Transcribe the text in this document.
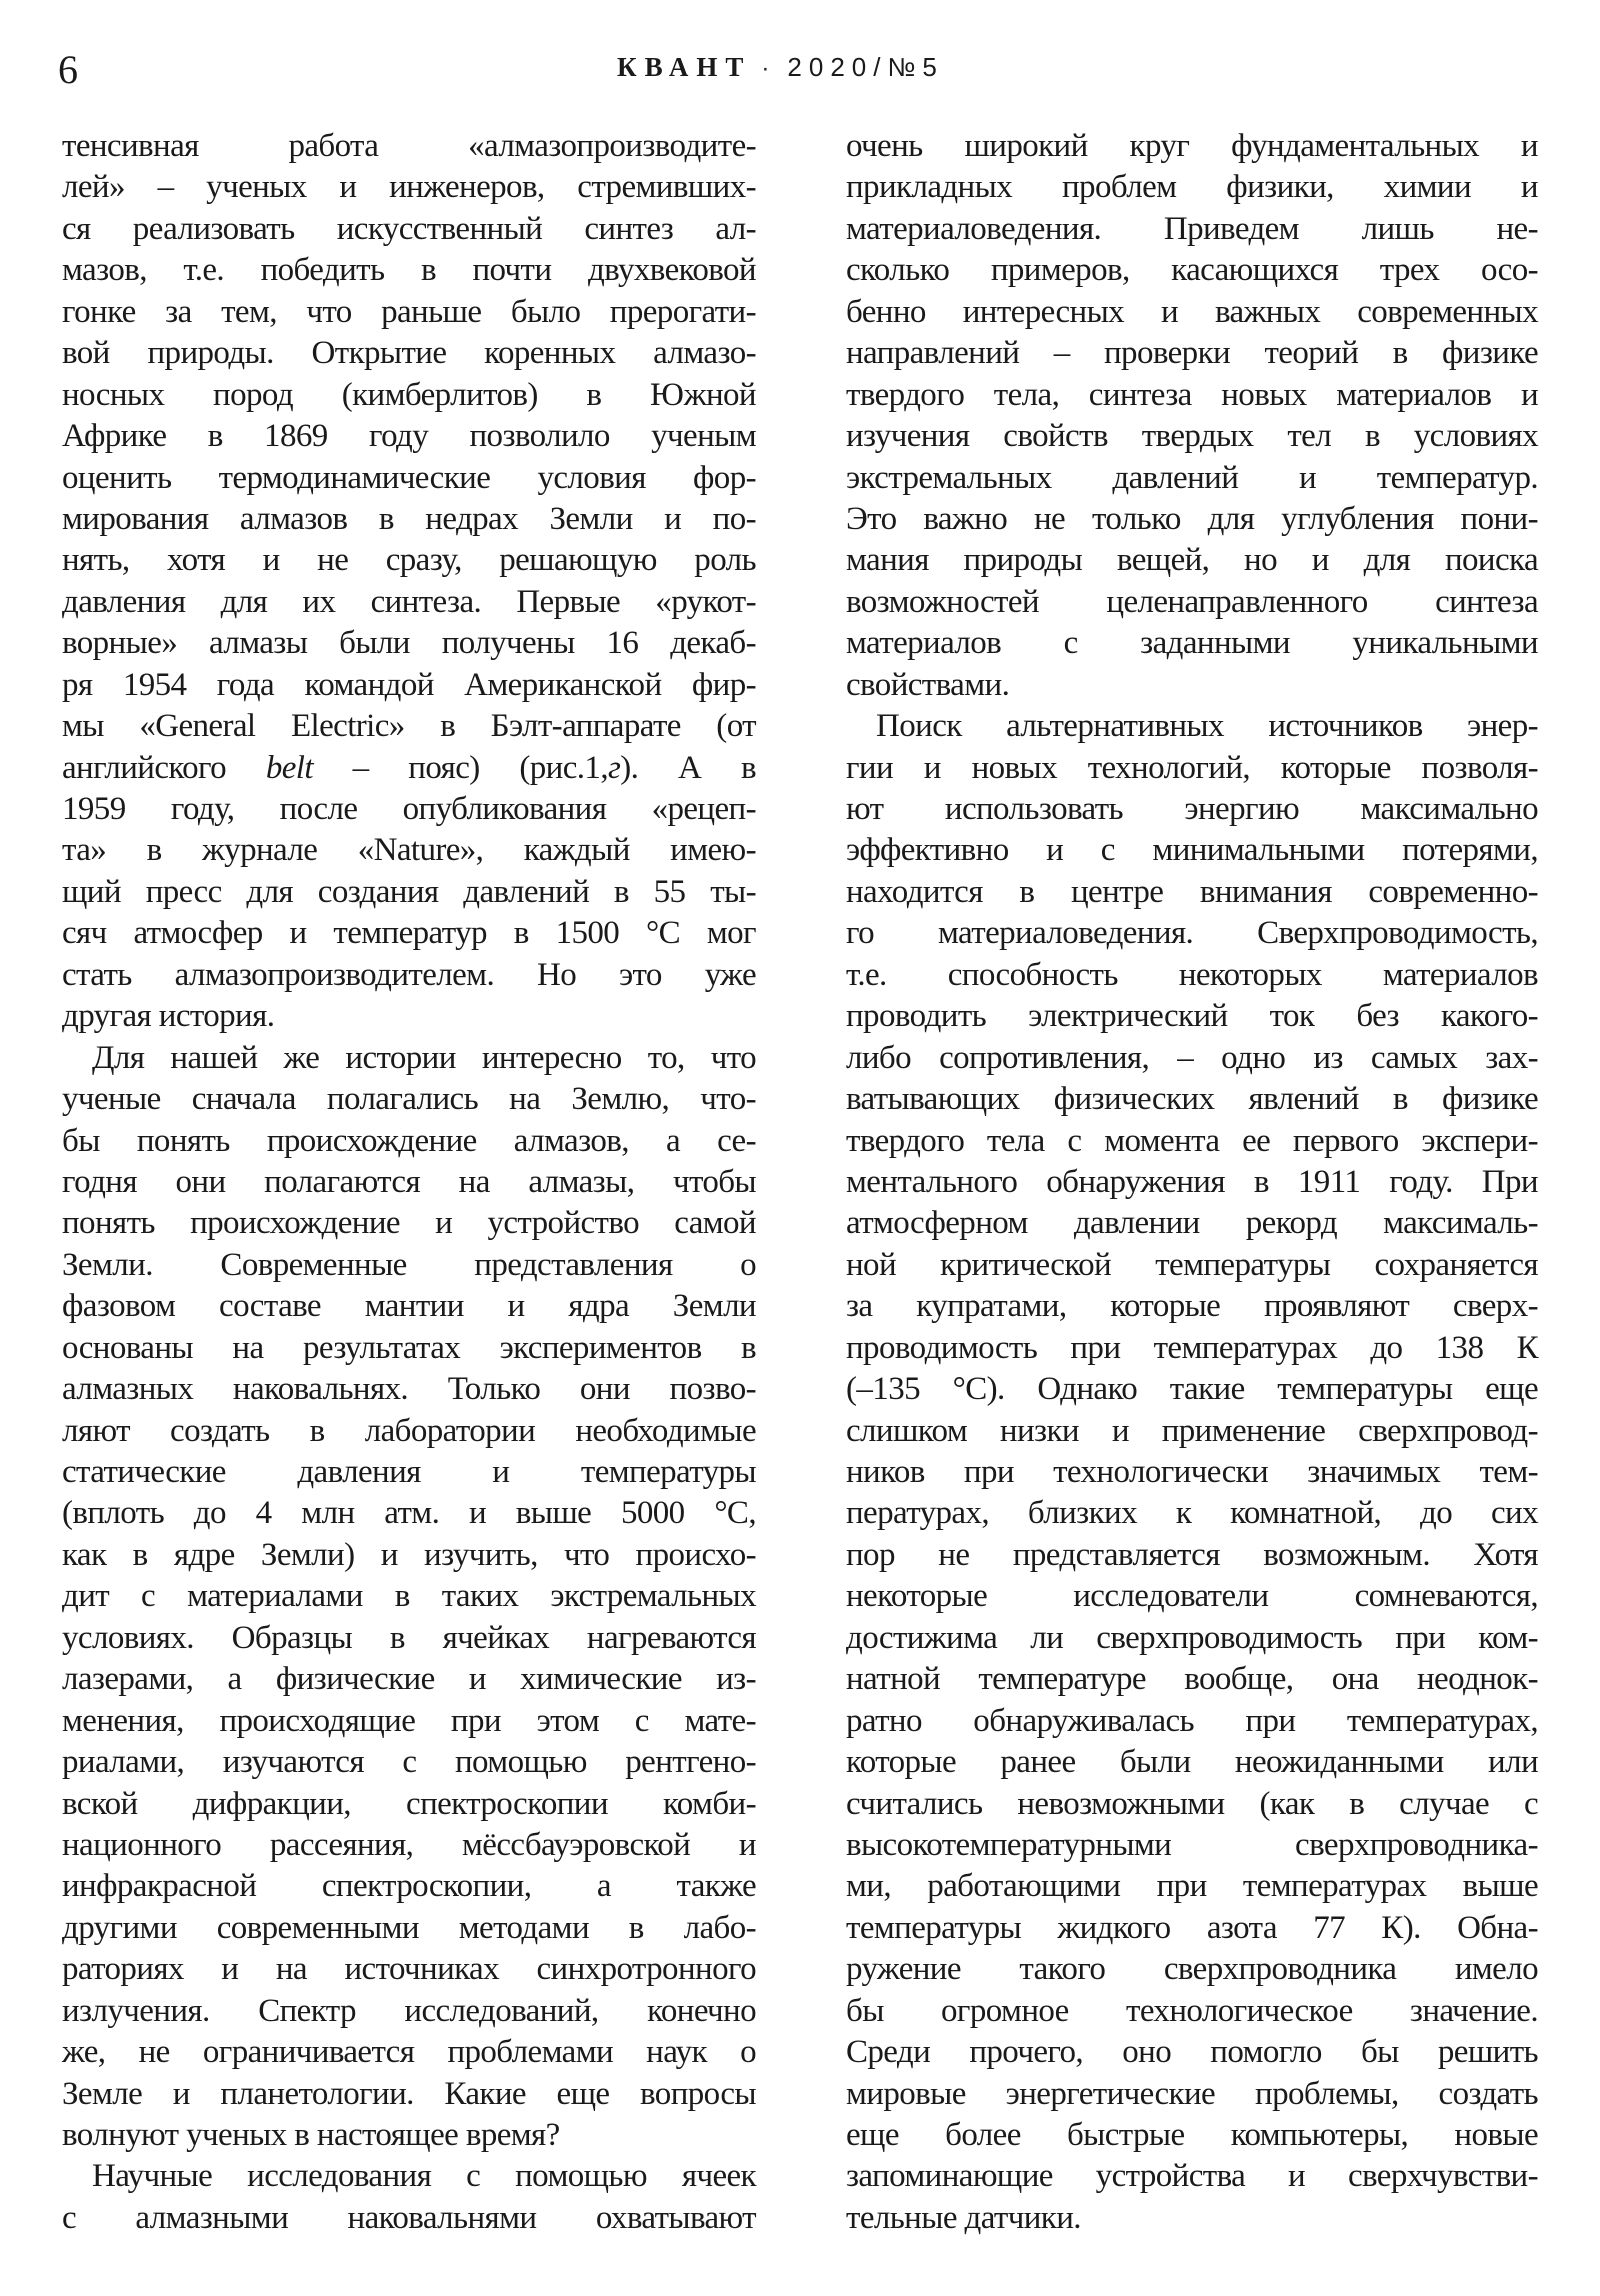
6	КВАНТ · 2020/№5
тенсивная работа «алмазопроизводите-
лей» – ученых и инженеров, стремивших-
ся реализовать искусственный синтез ал-
мазов, т.е. победить в почти двухвековой
гонке за тем, что раньше было прерогати-
вой природы. Открытие коренных алмазо-
носных пород (кимберлитов) в Южной
Африке в 1869 году позволило ученым
оценить термодинамические условия фор-
мирования алмазов в недрах Земли и по-
нять, хотя и не сразу, решающую роль
давления для их синтеза. Первые «рукот-
ворные» алмазы были получены 16 декаб-
ря 1954 года командой Американской фир-
мы «General Electric» в Бэлт-аппарате (от
английского belt – пояс) (рис.1,г). А в
1959 году, после опубликования «рецеп-
та» в журнале «Nature», каждый имею-
щий пресс для создания давлений в 55 ты-
сяч атмосфер и температур в 1500 °С мог
стать алмазопроизводителем. Но это уже
другая история.
Для нашей же истории интересно то, что
ученые сначала полагались на Землю, что-
бы понять происхождение алмазов, а се-
годня они полагаются на алмазы, чтобы
понять происхождение и устройство самой
Земли. Современные представления о
фазовом составе мантии и ядра Земли
основаны на результатах экспериментов в
алмазных наковальнях. Только они позво-
ляют создать в лаборатории необходимые
статические давления и температуры
(вплоть до 4 млн атм. и выше 5000 °С,
как в ядре Земли) и изучить, что происхо-
дит с материалами в таких экстремальных
условиях. Образцы в ячейках нагреваются
лазерами, а физические и химические из-
менения, происходящие при этом с мате-
риалами, изучаются с помощью рентгено-
вской дифракции, спектроскопии комби-
национного рассеяния, мёссбауэровской и
инфракрасной спектроскопии, а также
другими современными методами в лабо-
раториях и на источниках синхротронного
излучения. Спектр исследований, конечно
же, не ограничивается проблемами наук о
Земле и планетологии. Какие еще вопросы
волнуют ученых в настоящее время?
Научные исследования с помощью ячеек
с алмазными наковальнями охватывают
очень широкий круг фундаментальных и
прикладных проблем физики, химии и
материаловедения. Приведем лишь не-
сколько примеров, касающихся трех осо-
бенно интересных и важных современных
направлений – проверки теорий в физике
твердого тела, синтеза новых материалов и
изучения свойств твердых тел в условиях
экстремальных давлений и температур.
Это важно не только для углубления пони-
мания природы вещей, но и для поиска
возможностей целенаправленного синтеза
материалов с заданными уникальными
свойствами.
Поиск альтернативных источников энер-
гии и новых технологий, которые позволя-
ют использовать энергию максимально
эффективно и с минимальными потерями,
находится в центре внимания современно-
го материаловедения. Сверхпроводимость,
т.е. способность некоторых материалов
проводить электрический ток без какого-
либо сопротивления, – одно из самых зах-
ватывающих физических явлений в физике
твердого тела с момента ее первого экспери-
ментального обнаружения в 1911 году. При
атмосферном давлении рекорд максималь-
ной критической температуры сохраняется
за купратами, которые проявляют сверх-
проводимость при температурах до 138 К
(–135 °С). Однако такие температуры еще
слишком низки и применение сверхпровод-
ников при технологически значимых тем-
пературах, близких к комнатной, до сих
пор не представляется возможным. Хотя
некоторые исследователи сомневаются,
достижима ли сверхпроводимость при ком-
натной температуре вообще, она неоднок-
ратно обнаруживалась при температурах,
которые ранее были неожиданными или
считались невозможными (как в случае с
высокотемпературными сверхпроводника-
ми, работающими при температурах выше
температуры жидкого азота 77 К). Обна-
ружение такого сверхпроводника имело
бы огромное технологическое значение.
Среди прочего, оно помогло бы решить
мировые энергетические проблемы, создать
еще более быстрые компьютеры, новые
запоминающие устройства и сверхчувстви-
тельные датчики.
